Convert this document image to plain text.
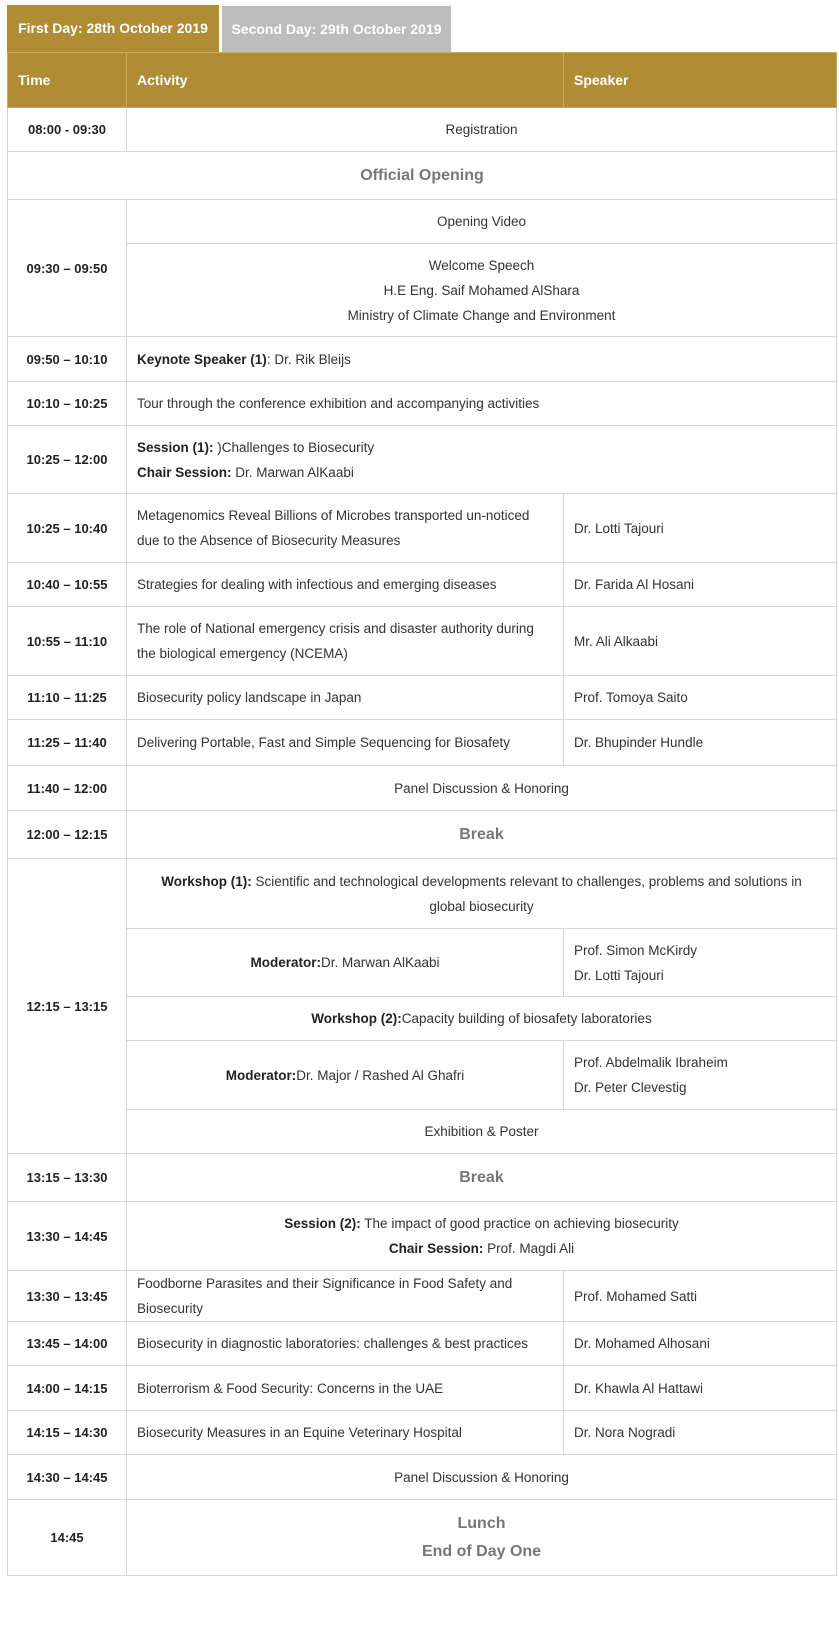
First Day: 28th October 2019	Second Day: 29th October 2019
Time	Activity	Speaker
08:00 - 09:30	Registration	
Official Opening		
09:30 – 09:50	Opening Video	

	Welcome Speech
H.E Eng. Saif Mohamed AlShara
Ministry of Climate Change and Environment	

09:50 – 10:10	Keynote Speaker (1): Dr. Rik Bleijs	
10:10 – 10:25	Tour through the conference exhibition and accompanying activities	
10:25 – 12:00	Session (1): )Challenges to Biosecurity
Chair Session: Dr. Marwan AlKaabi	

10:25 – 10:40	Metagenomics Reveal Billions of Microbes transported un-noticed due to the Absence of Biosecurity Measures	Dr. Lotti Tajouri
10:40 – 10:55	Strategies for dealing with infectious and emerging diseases	Dr. Farida Al Hosani
10:55 – 11:10	The role of National emergency crisis and disaster authority during the biological emergency (NCEMA)	Mr. Ali Alkaabi
11:10 – 11:25	Biosecurity policy landscape in Japan	Prof. Tomoya Saito
11:25 – 11:40	Delivering Portable, Fast and Simple Sequencing for Biosafety	Dr. Bhupinder Hundle
11:40 – 12:00	Panel Discussion & Honoring	
12:00 – 12:15	Break	
12:15 – 13:15	Workshop (1): Scientific and technological developments relevant to challenges, problems and solutions in global biosecurity	
	Moderator:Dr. Marwan AlKaabi	Prof. Simon McKirdy
Dr. Lotti Tajouri

	Workshop (2):Capacity building of biosafety laboratories	
	Moderator:Dr. Major / Rashed Al Ghafri	Prof. Abdelmalik Ibraheim
Dr. Peter Clevestig

	Exhibition & Poster	
13:15 – 13:30	Break	
13:30 – 14:45	Session (2): The impact of good practice on achieving biosecurity
Chair Session: Prof. Magdi Ali	

13:30 – 13:45	Foodborne Parasites and their Significance in Food Safety and Biosecurity	Prof. Mohamed Satti
13:45 – 14:00	Biosecurity in diagnostic laboratories: challenges & best practices	Dr. Mohamed Alhosani
14:00 – 14:15	Bioterrorism & Food Security: Concerns in the UAE	Dr. Khawla Al Hattawi
14:15 – 14:30	Biosecurity Measures in an Equine Veterinary Hospital	Dr. Nora Nogradi
14:30 – 14:45	Panel Discussion & Honoring	
14:45	Lunch
End of Day One	
